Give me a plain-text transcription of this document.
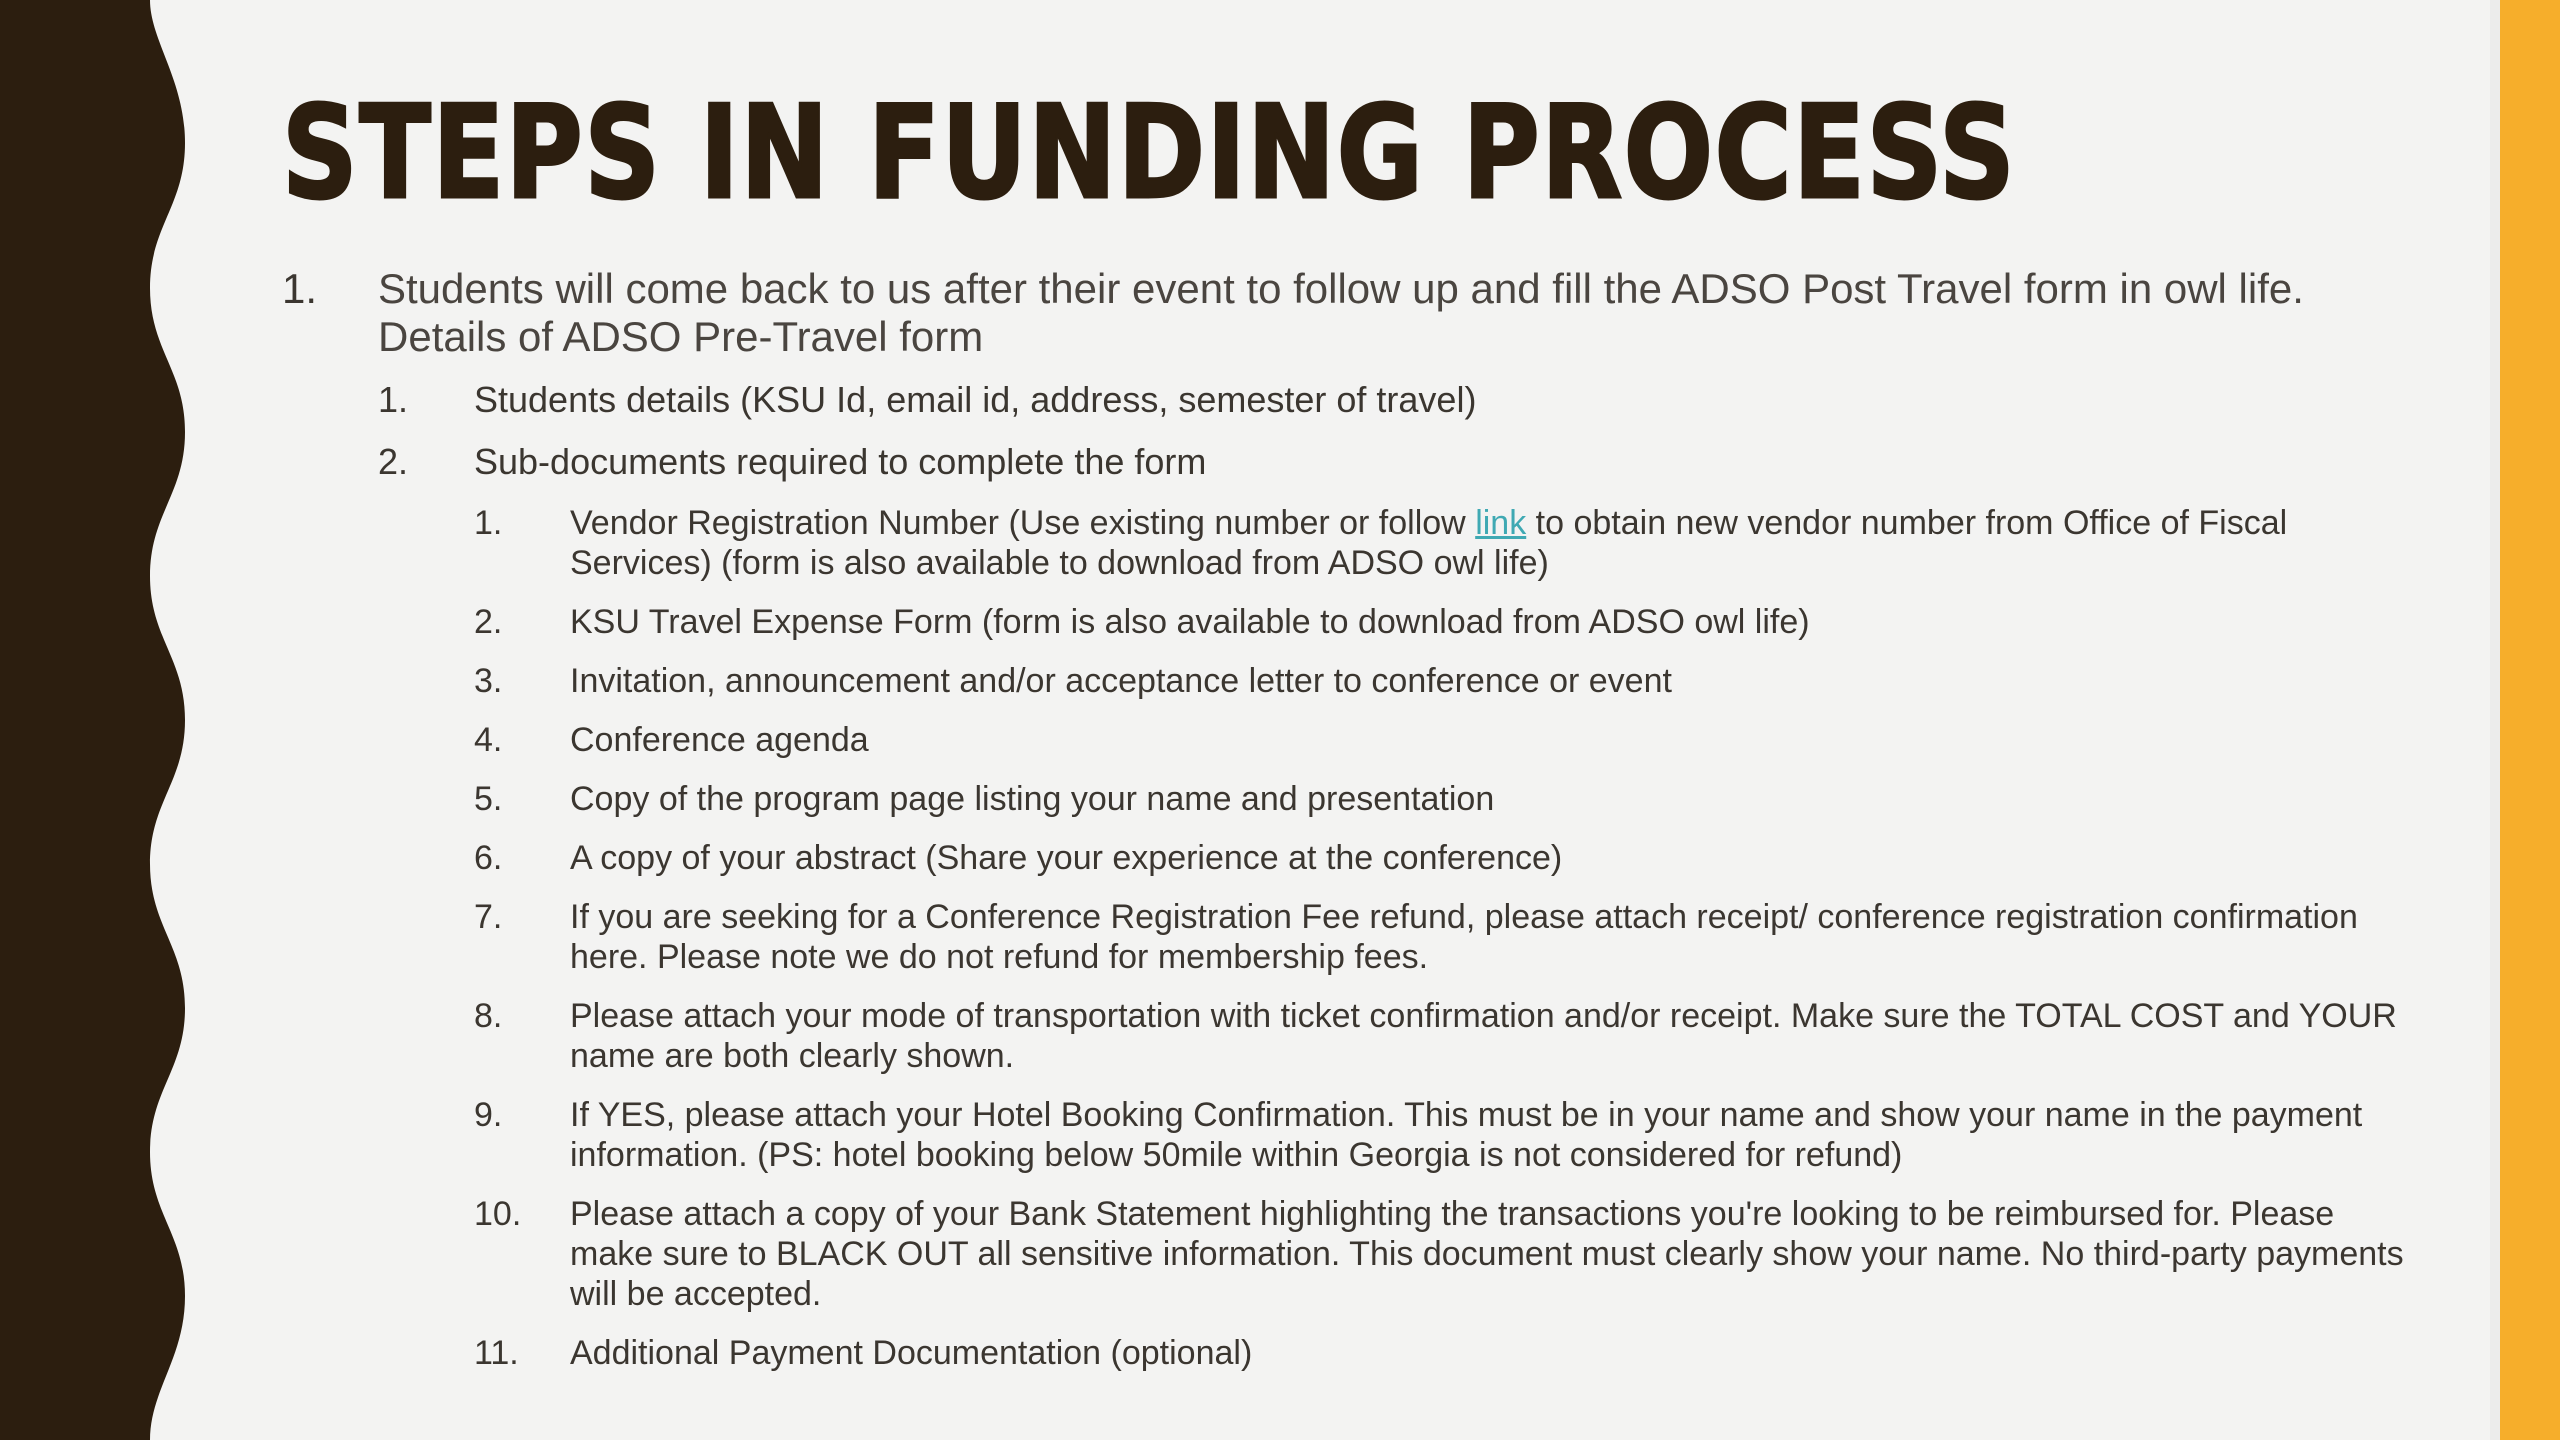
STEPS IN FUNDING PROCESS
1. Students will come back to us after their event to follow up and fill the ADSO Post Travel form in owl life. Details of ADSO Pre-Travel form
1. Students details (KSU Id, email id, address, semester of travel)
2. Sub-documents required to complete the form
1. Vendor Registration Number (Use existing number or follow link to obtain new vendor number from Office of Fiscal Services) (form is also available to download from ADSO owl life)
2. KSU Travel Expense Form (form is also available to download from ADSO owl life)
3. Invitation, announcement and/or acceptance letter to conference or event
4. Conference agenda
5. Copy of the program page listing your name and presentation
6. A copy of your abstract (Share your experience at the conference)
7. If you are seeking for a Conference Registration Fee refund, please attach receipt/ conference registration confirmation here. Please note we do not refund for membership fees.
8. Please attach your mode of transportation with ticket confirmation and/or receipt. Make sure the TOTAL COST and YOUR name are both clearly shown.
9. If YES, please attach your Hotel Booking Confirmation. This must be in your name and show your name in the payment information. (PS: hotel booking below 50mile within Georgia is not considered for refund)
10. Please attach a copy of your Bank Statement highlighting the transactions you're looking to be reimbursed for. Please make sure to BLACK OUT all sensitive information. This document must clearly show your name. No third-party payments will be accepted.
11. Additional Payment Documentation (optional)
